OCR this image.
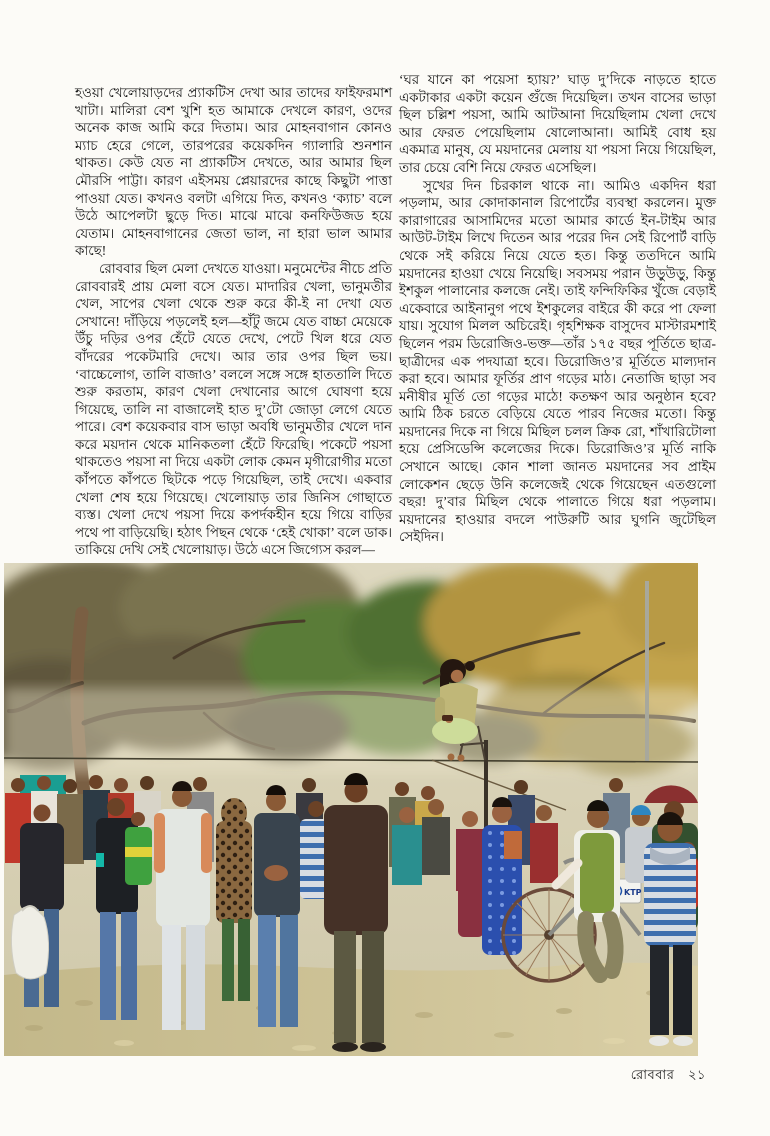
হওয়া খেলোয়াড়দের প্র্যাকটিস দেখা আর তাদের ফাইফরমাশ খাটা। মালিরা বেশ খুশি হত আমাকে দেখলে কারণ, ওদের অনেক কাজ আমি করে দিতাম। আর মোহনবাগান কোনও ম্যাচ হেরে গেলে, তারপরের কয়েকদিন গ্যালারি শুনশান থাকত। কেউ যেত না প্র্যাকটিস দেখতে, আর আমার ছিল মৌরসি পাট্টা। কারণ এইসময় প্লেয়ারদের কাছে কিছুটা পাত্তা পাওয়া যেত। কখনও বলটা এগিয়ে দিত, কখনও ‘ক্যাচ’ বলে উঠে আপেলটা ছুড়ে দিত। মাঝে মাঝে কনফিউজড হয়ে যেতাম। মোহনবাগানের জেতা ভাল, না হারা ভাল আমার কাছে!

রোববার ছিল মেলা দেখতে যাওয়া। মনুমেন্টের নীচে প্রতি রোববারই প্রায় মেলা বসে যেত। মাদারির খেলা, ভানুমতীর খেল, সাপের খেলা থেকে শুরু করে কী-ই না দেখা যেত সেখানে! দাঁড়িয়ে পড়লেই হল—হাঁটু জমে যেত বাচ্চা মেয়েকে উঁচু দড়ির ওপর হেঁটে যেতে দেখে, পেটে খিল ধরে যেত বাঁদরের পকেটমারি দেখে। আর তার ওপর ছিল ভয়। ‘বাচ্চেলোগ, তালি বাজাও’ বললে সঙ্গে সঙ্গে হাততালি দিতে শুরু করতাম, কারণ খেলা দেখানোর আগে ঘোষণা হয়ে গিয়েছে, তালি না বাজালেই হাত দু’টো জোড়া লেগে যেতে পারে। বেশ কয়েকবার বাস ভাড়া অবধি ভানুমতীর খেলে দান করে ময়দান থেকে মানিকতলা হেঁটে ফিরেছি। পকেটে পয়সা থাকতেও পয়সা না দিয়ে একটা লোক কেমন মৃগীরোগীর মতো কাঁপতে কাঁপতে ছিটকে পড়ে গিয়েছিল, তাই দেখে। একবার খেলা শেষ হয়ে গিয়েছে। খেলোয়াড় তার জিনিস গোছাতে ব্যস্ত। খেলা দেখে পয়সা দিয়ে কপর্দকহীন হয়ে গিয়ে বাড়ির পথে পা বাড়িয়েছি। হঠাৎ পিছন থেকে ‘হেই খোকা’ বলে ডাক। তাকিয়ে দেখি সেই খেলোয়াড়। উঠে এসে জিগ্যেস করল—

‘ঘর যানে কা পয়েসা হ্যায়?’ ঘাড় দু’দিকে নাড়তে হাতে একটাকার একটা কয়েন গুঁজে দিয়েছিল। তখন বাসের ভাড়া ছিল চল্লিশ পয়সা, আমি আটআনা দিয়েছিলাম খেলা দেখে আর ফেরত পেয়েছিলাম ষোলোআনা। আমিই বোধ হয় একমাত্র মানুষ, যে ময়দানের মেলায় যা পয়সা নিয়ে গিয়েছিল, তার চেয়ে বেশি নিয়ে ফেরত এসেছিল।

সুখের দিন চিরকাল থাকে না। আমিও একদিন ধরা পড়লাম, আর কোদাকানাল রিপোর্টের ব্যবস্থা করলেন। মুক্ত কারাগারের আসামিদের মতো আমার কার্ডে ইন-টাইম আর আউট-টাইম লিখে দিতেন আর পরের দিন সেই রিপোর্ট বাড়ি থেকে সই করিয়ে নিয়ে যেতে হত। কিন্তু ততদিনে আমি ময়দানের হাওয়া খেয়ে নিয়েছি। সবসময় পরান উড়ুউড়ু, কিন্তু ইশকুল পালানোর কলজে নেই। তাই ফন্দিফিকির খুঁজে বেড়াই একেবারে আইনানুগ পথে ইশকুলের বাইরে কী করে পা ফেলা যায়। সুযোগ মিলল অচিরেই। গৃহশিক্ষক বাসুদেব মাস্টারমশাই ছিলেন পরম ডিরোজিও-ভক্ত—তাঁর ১৭৫ বছর পূর্তিতে ছাত্র-ছাত্রীদের এক পদযাত্রা হবে। ডিরোজিও’র মূর্তিতে মাল্যদান করা হবে। আমার ফূর্তির প্রাণ গড়ের মাঠ। নেতাজি ছাড়া সব মনীষীর মূর্তি তো গড়ের মাঠে! কতক্ষণ আর অনুষ্ঠান হবে? আমি ঠিক চরতে বেড়িয়ে যেতে পারব নিজের মতো। কিন্তু ময়দানের দিকে না গিয়ে মিছিল চলল ক্রিক রো, শাঁখারিটোলা হয়ে প্রেসিডেন্সি কলেজের দিকে। ডিরোজিও’র মূর্তি নাকি সেখানে আছে। কোন শালা জানত ময়দানের সব প্রাইম লোকেশন ছেড়ে উনি কলেজেই থেকে গিয়েছেন এতগুলো বছর! দু’বার মিছিল থেকে পালাতে গিয়ে ধরা পড়লাম। ময়দানের হাওয়ার বদলে পাউরুটি আর ঘুগনি জুটেছিল সেইদিন।

KTP
রোববার ২১
